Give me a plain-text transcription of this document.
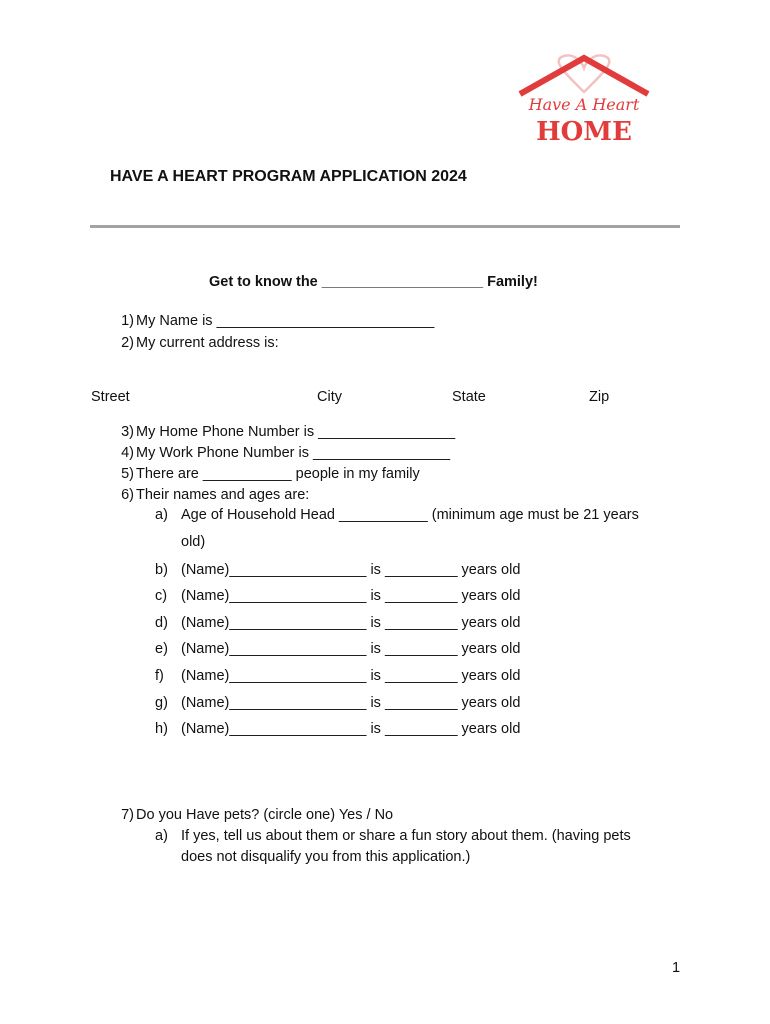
Have A Heart
HOME
HAVE A HEART PROGRAM APPLICATION 2024
Get to know the ____________________ Family!
1) My Name is ___________________________
2) My current address is:
Street	City	State	Zip
3) My Home Phone Number is _________________
4) My Work Phone Number is _________________
5) There are ___________ people in my family
6) Their names and ages are:
a) Age of Household Head ___________ (minimum age must be 21 years
old)
b) (Name)_________________ is _________ years old
c) (Name)_________________ is _________ years old
d) (Name)_________________ is _________ years old
e) (Name)_________________ is _________ years old
f) (Name)_________________ is _________ years old
g) (Name)_________________ is _________ years old
h) (Name)_________________ is _________ years old
7) Do you Have pets? (circle one) Yes / No
a) If yes, tell us about them or share a fun story about them. (having pets
does not disqualify you from this application.)
1
